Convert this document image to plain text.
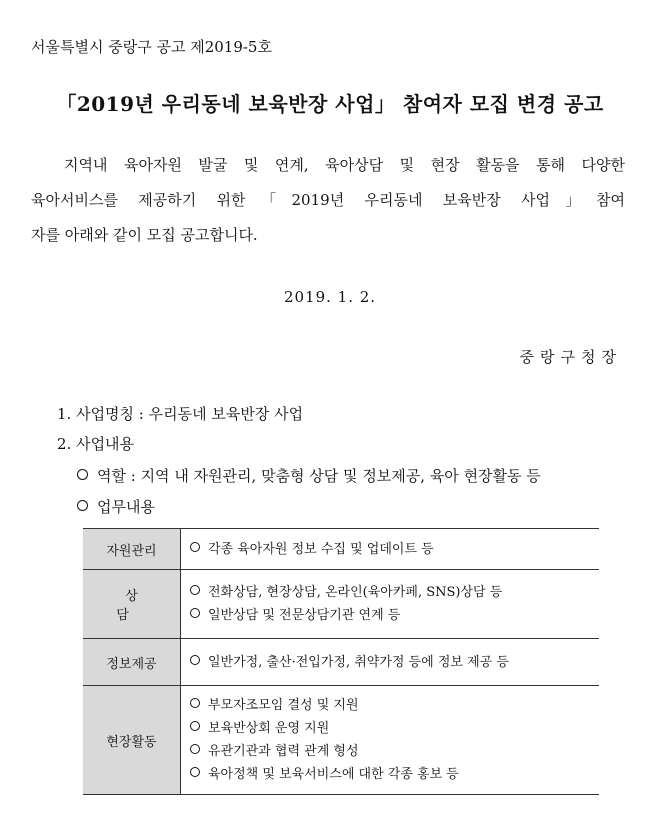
서울특별시 중랑구 공고 제2019-5호
「2019년 우리동네 보육반장 사업」 참여자 모집 변경 공고
지역내 육아자원 발굴 및 연계, 육아상담 및 현장 활동을 통해 다양한
육아서비스를 제공하기 위한「2019년 우리동네 보육반장 사업」참여
자를 아래와 같이 모집 공고합니다.
2019. 1. 2.
중랑구청장
1. 사업명칭 : 우리동네 보육반장 사업
2. 사업내용
역할 : 지역 내 자원관리, 맞춤형 상담 및 정보제공, 육아 현장활동 등
업무내용
자원관리	각종 육아자원 정보 수집 및 업데이트 등

상 담	전화상담, 현장상담, 온라인(육아카페, SNS)상담 등
일반상담 및 전문상담기관 연계 등

정보제공	일반가정, 출산·전입가정, 취약가정 등에 정보 제공 등

현장활동	부모자조모임 결성 및 지원
보육반상회 운영 지원
유관기관과 협력 관계 형성
육아정책 및 보육서비스에 대한 각종 홍보 등
